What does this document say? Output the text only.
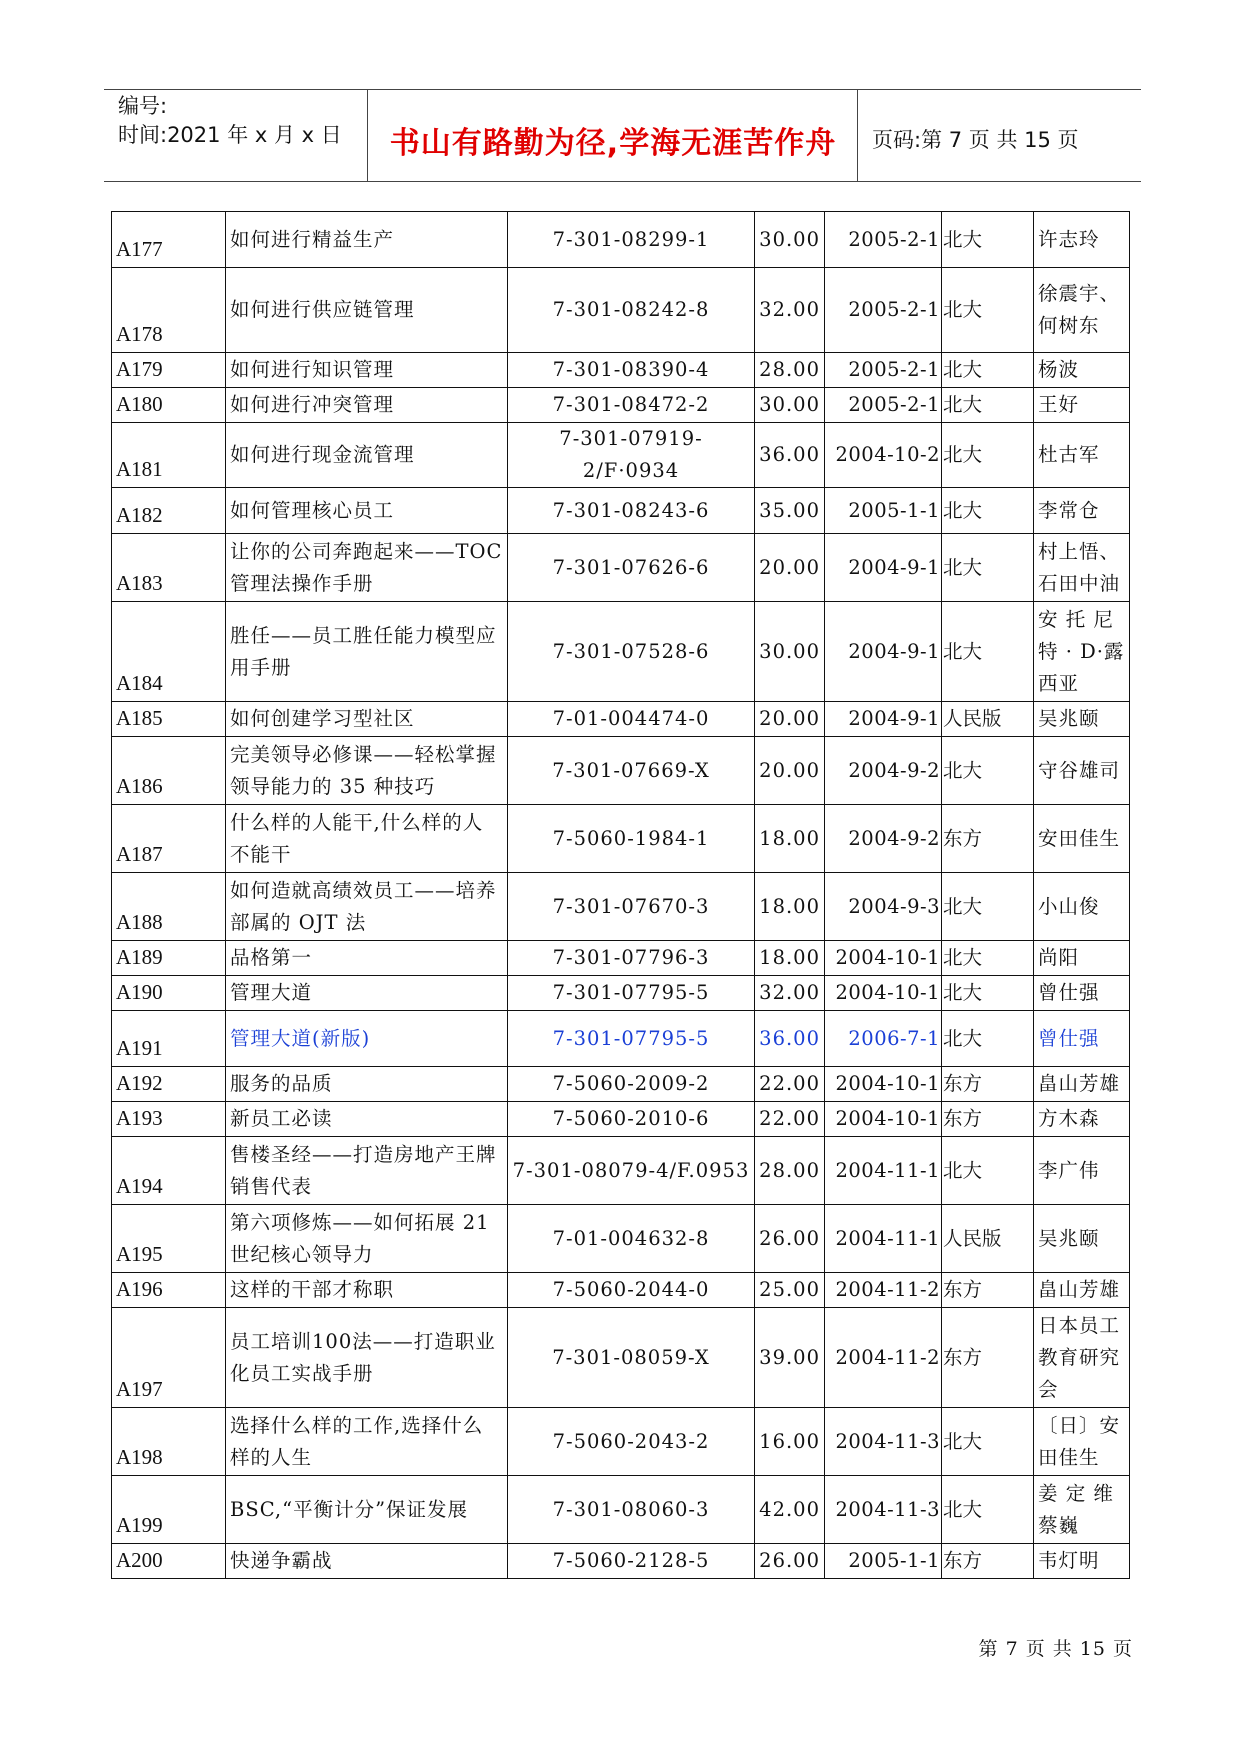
编号:
时间:2021 年 x 月 x 日	书山有路勤为径,学海无涯苦作舟	页码:第 7 页 共 15 页
A177	如何进行精益生产	7-301-08299-1	30.00	2005-2-1	北大	许志玲
A178	如何进行供应链管理	7-301-08242-8	32.00	2005-2-1	北大	徐震宇、何树东
A179	如何进行知识管理	7-301-08390-4	28.00	2005-2-1	北大	杨波
A180	如何进行冲突管理	7-301-08472-2	30.00	2005-2-1	北大	王好
A181	如何进行现金流管理	7-301-07919-2/F·0934	36.00	2004-10-2	北大	杜古军
A182	如何管理核心员工	7-301-08243-6	35.00	2005-1-1	北大	李常仓
A183	让你的公司奔跑起来——TOC管理法操作手册	7-301-07626-6	20.00	2004-9-1	北大	村上悟、石田中油
A184	胜任——员工胜任能力模型应用手册	7-301-07528-6	30.00	2004-9-1	北大	安 托 尼 特 · D·露西亚
A185	如何创建学习型社区	7-01-004474-0	20.00	2004-9-1	人民版	吴兆颐
A186	完美领导必修课——轻松掌握领导能力的 35 种技巧	7-301-07669-X	20.00	2004-9-2	北大	守谷雄司
A187	什么样的人能干,什么样的人不能干	7-5060-1984-1	18.00	2004-9-2	东方	安田佳生
A188	如何造就高绩效员工——培养部属的 OJT 法	7-301-07670-3	18.00	2004-9-3	北大	小山俊
A189	品格第一	7-301-07796-3	18.00	2004-10-1	北大	尚阳
A190	管理大道	7-301-07795-5	32.00	2004-10-1	北大	曾仕强
A191	管理大道(新版)	7-301-07795-5	36.00	2006-7-1	北大	曾仕强
A192	服务的品质	7-5060-2009-2	22.00	2004-10-1	东方	畠山芳雄
A193	新员工必读	7-5060-2010-6	22.00	2004-10-1	东方	方木森
A194	售楼圣经——打造房地产王牌销售代表	7-301-08079-4/F.0953	28.00	2004-11-1	北大	李广伟
A195	第六项修炼——如何拓展 21 世纪核心领导力	7-01-004632-8	26.00	2004-11-1	人民版	吴兆颐
A196	这样的干部才称职	7-5060-2044-0	25.00	2004-11-2	东方	畠山芳雄
A197	员工培训100法——打造职业化员工实战手册	7-301-08059-X	39.00	2004-11-2	东方	日本员工教育研究会
A198	选择什么样的工作,选择什么样的人生	7-5060-2043-2	16.00	2004-11-3	北大	〔日〕安田佳生
A199	BSC,“平衡计分”保证发展	7-301-08060-3	42.00	2004-11-3	北大	姜 定 维 蔡巍
A200	快递争霸战	7-5060-2128-5	26.00	2005-1-1	东方	韦灯明
第 7 页 共 15 页
